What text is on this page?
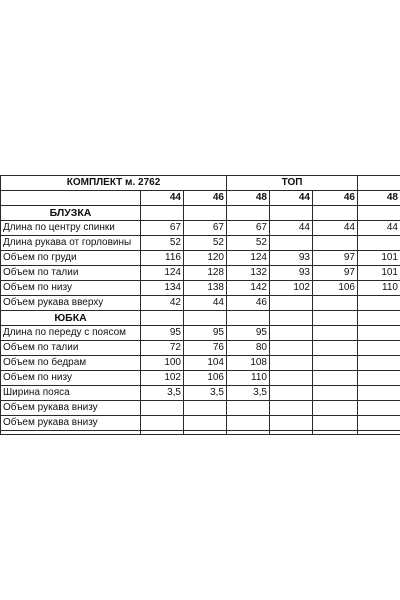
КОМПЛЕКТ м. 2762			ТОП			
	44	46	48	44	46	48
БЛУЗКА						
Длина по центру спинки	67	67	67	44	44	44
Длина рукава от горловины	52	52	52			
Объем по груди	116	120	124	93	97	101
Объем по талии	124	128	132	93	97	101
Объем по низу	134	138	142	102	106	110
Объем рукава вверху	42	44	46			
ЮБКА						
Длина по переду с поясом	95	95	95			
Объем по талии	72	76	80			
Объем по бедрам	100	104	108			
Объем по низу	102	106	110			
Ширина пояса	3,5	3,5	3,5			
Объем рукава внизу						
Объем рукава внизу						
